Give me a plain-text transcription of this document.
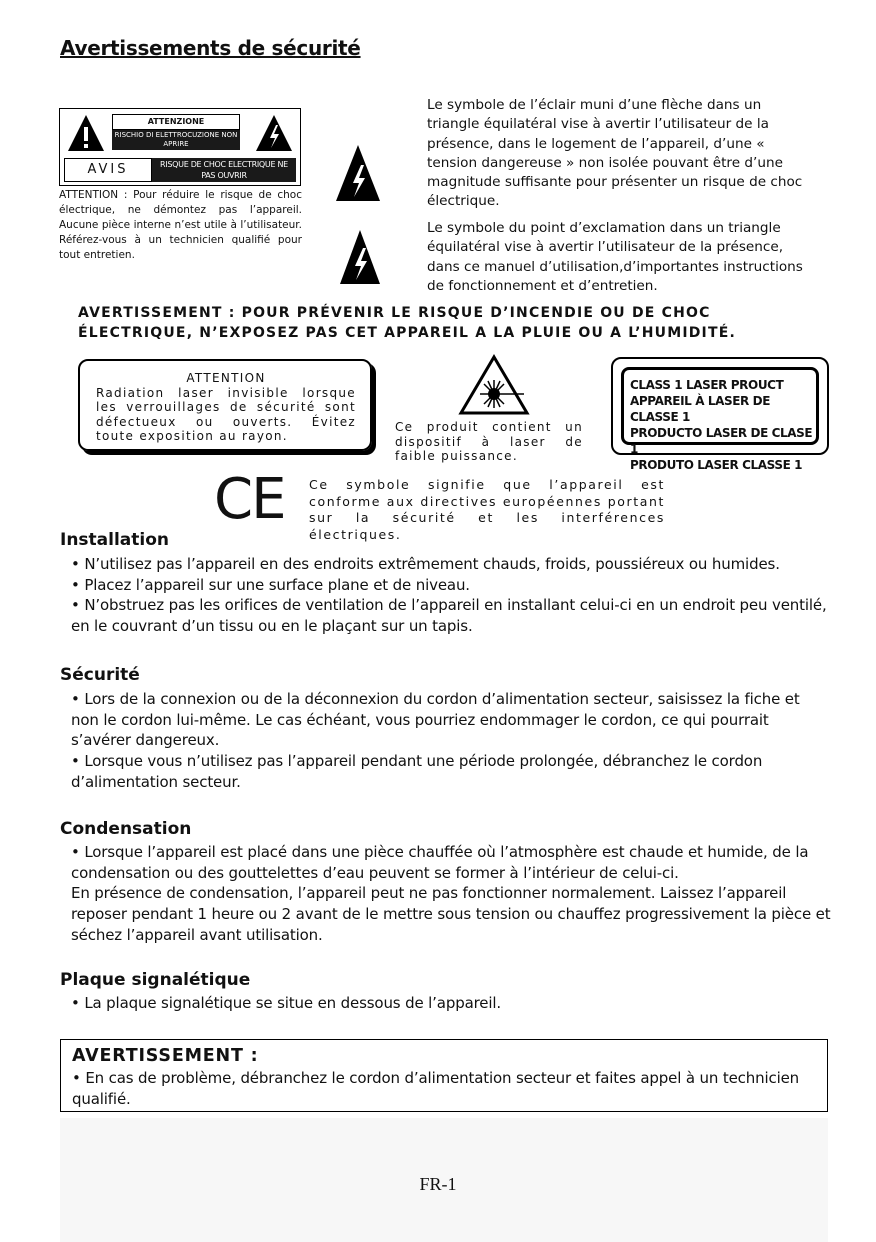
Avertissements de sécurité
ATTENZIONE
RISCHIO DI ELETTROCUZIONE NON APRIRE
AVIS	RISQUE DE CHOC ELECTRIQUE NE PAS OUVRIR
ATTENTION : Pour réduire le risque de choc électrique, ne démontez pas l’appareil. Aucune pièce interne n’est utile à l’utilisateur. Référez-vous à un technicien qualifié pour tout entretien.
Le symbole de l’éclair muni d’une flèche dans un triangle équilatéral vise à avertir l’utilisateur de la présence, dans le logement de l’appareil, d’une « tension dangereuse » non isolée pouvant être d’une magnitude suffisante pour présenter un risque de choc électrique.
Le symbole du point d’exclamation dans un triangle équilatéral vise à avertir l’utilisateur de la présence, dans ce manuel d’utilisation,d’importantes instructions de fonctionnement et d’entretien.
AVERTISSEMENT : POUR PRÉVENIR LE RISQUE D’INCENDIE OU DE CHOC
ÉLECTRIQUE, N’EXPOSEZ PAS CET APPAREIL A LA PLUIE OU A L’HUMIDITÉ.
ATTENTION
Radiation laser invisible lorsque les verrouillages de sécurité sont défectueux ou ouverts. Évitez toute exposition au rayon.
Ce produit contient un dispositif à laser de faible puissance.
CLASS 1 LASER PROUCT
APPAREIL À LASER DE CLASSE 1
PRODUCTO LASER DE CLASE 1
PRODUTO LASER CLASSE 1
CE Ce symbole signifie que l’appareil est conforme aux directives européennes portant sur la sécurité et les interférences électriques.
Installation
• N’utilisez pas l’appareil en des endroits extrêmement chauds, froids, poussiéreux ou humides.
• Placez l’appareil sur une surface plane et de niveau.
• N’obstruez pas les orifices de ventilation de l’appareil en installant celui-ci en un endroit peu ventilé, en le couvrant d’un tissu ou en le plaçant sur un tapis.
Sécurité
• Lors de la connexion ou de la déconnexion du cordon d’alimentation secteur, saisissez la fiche et non le cordon lui-même. Le cas échéant, vous pourriez endommager le cordon, ce qui pourrait s’avérer dangereux.
• Lorsque vous n’utilisez pas l’appareil pendant une période prolongée, débranchez le cordon d’alimentation secteur.
Condensation
• Lorsque l’appareil est placé dans une pièce chauffée où l’atmosphère est chaude et humide, de la condensation ou des gouttelettes d’eau peuvent se former à l’intérieur de celui-ci.
En présence de condensation, l’appareil peut ne pas fonctionner normalement. Laissez l’appareil reposer pendant 1 heure ou 2 avant de le mettre sous tension ou chauffez progressivement la pièce et séchez l’appareil avant utilisation.
Plaque signalétique
• La plaque signalétique se situe en dessous de l’appareil.
AVERTISSEMENT :
• En cas de problème, débranchez le cordon d’alimentation secteur et faites appel à un technicien qualifié.
FR-1
